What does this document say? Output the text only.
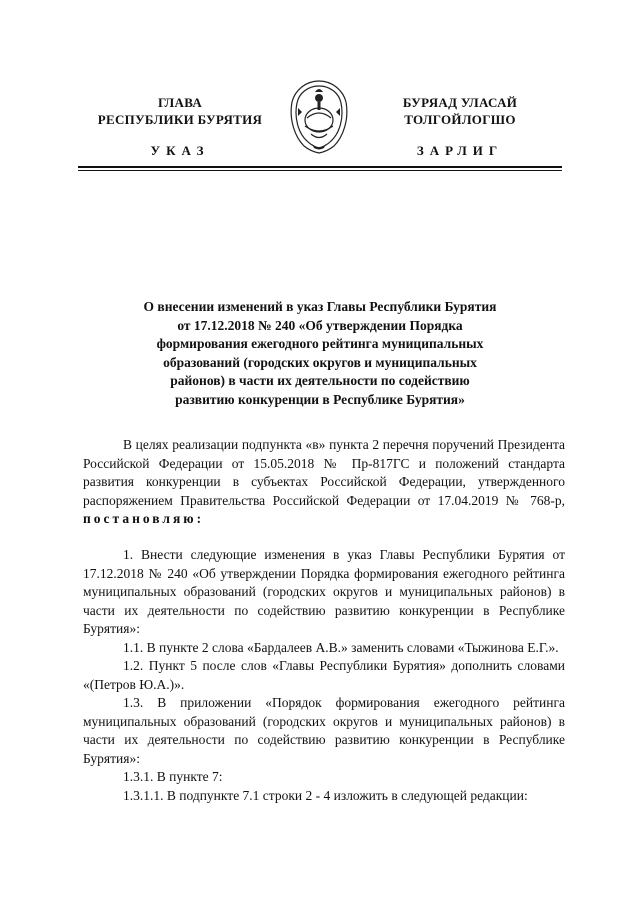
ГЛАВА
РЕСПУБЛИКИ БУРЯТИЯ
БУРЯАД УЛАСАЙ
ТОЛГОЙЛОГШО
УКАЗ	ЗАРЛИГ
О внесении изменений в указ Главы Республики Бурятия
от 17.12.2018 № 240 «Об утверждении Порядка
формирования ежегодного рейтинга муниципальных
образований (городских округов и муниципальных
районов) в части их деятельности по содействию
развитию конкуренции в Республике Бурятия»

В целях реализации подпункта «в» пункта 2 перечня поручений Президента Российской Федерации от 15.05.2018 № Пр-817ГС и положений стандарта развития конкуренции в субъектах Российской Федерации, утвержденного распоряжением Правительства Российской Федерации от 17.04.2019 № 768-р, постановляю:

1. Внести следующие изменения в указ Главы Республики Бурятия от 17.12.2018 № 240 «Об утверждении Порядка формирования ежегодного рейтинга муниципальных образований (городских округов и муниципальных районов) в части их деятельности по содействию развитию конкуренции в Республике Бурятия»:

1.1. В пункте 2 слова «Бардалеев А.В.» заменить словами «Тыжинова Е.Г.».

1.2. Пункт 5 после слов «Главы Республики Бурятия» дополнить словами «(Петров Ю.А.)».

1.3. В приложении «Порядок формирования ежегодного рейтинга муниципальных образований (городских округов и муниципальных районов) в части их деятельности по содействию развитию конкуренции в Республике Бурятия»:

1.3.1. В пункте 7:

1.3.1.1. В подпункте 7.1 строки 2 - 4 изложить в следующей редакции:
